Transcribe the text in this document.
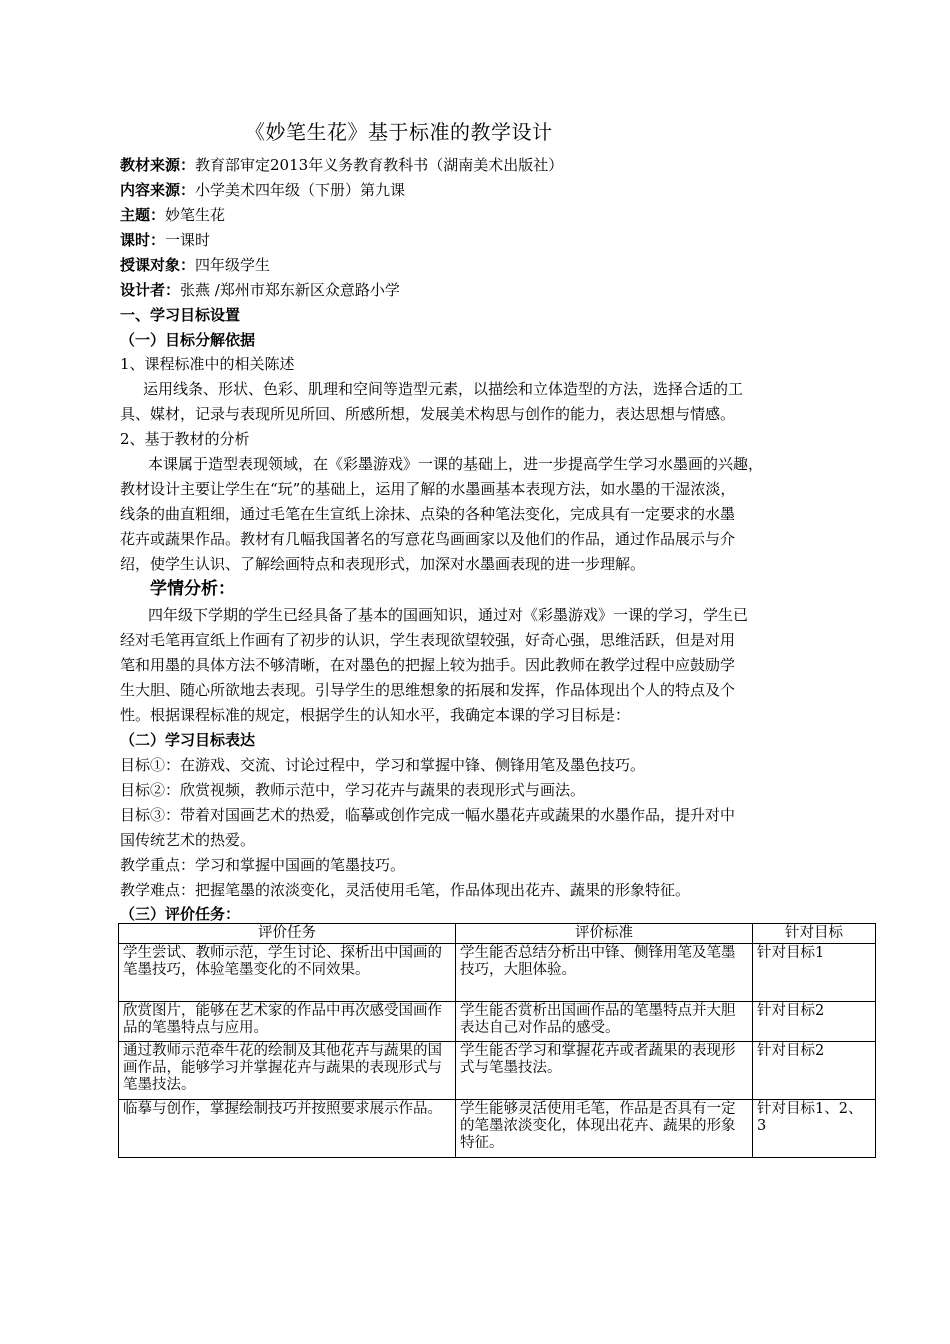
《妙笔生花》基于标准的教学设计
教材来源：教育部审定2013年义务教育教科书（湖南美术出版社）
内容来源：小学美术四年级（下册）第九课
主题：妙笔生花
课时：一课时
授课对象：四年级学生
设计者：张燕 /郑州市郑东新区众意路小学
一、学习目标设置
（一）目标分解依据
1、课程标准中的相关陈述
运用线条、形状、色彩、肌理和空间等造型元素，以描绘和立体造型的方法，选择合适的工
具、媒材，记录与表现所见所回、所感所想，发展美术构思与创作的能力，表达思想与情感。
2、基于教材的分析
本课属于造型表现领域，在《彩墨游戏》一课的基础上，进一步提高学生学习水墨画的兴趣，
教材设计主要让学生在“玩”的基础上，运用了解的水墨画基本表现方法，如水墨的干湿浓淡，
线条的曲直粗细，通过毛笔在生宣纸上涂抹、点染的各种笔法变化，完成具有一定要求的水墨
花卉或蔬果作品。教材有几幅我国著名的写意花鸟画画家以及他们的作品，通过作品展示与介
绍，使学生认识、了解绘画特点和表现形式，加深对水墨画表现的进一步理解。
学情分析：
四年级下学期的学生已经具备了基本的国画知识，通过对《彩墨游戏》一课的学习，学生已
经对毛笔再宣纸上作画有了初步的认识，学生表现欲望较强，好奇心强，思维活跃，但是对用
笔和用墨的具体方法不够清晰，在对墨色的把握上较为拙手。因此教师在教学过程中应鼓励学
生大胆、随心所欲地去表现。引导学生的思维想象的拓展和发挥，作品体现出个人的特点及个
性。根据课程标准的规定，根据学生的认知水平，我确定本课的学习目标是：
（二）学习目标表达
目标①：在游戏、交流、讨论过程中，学习和掌握中锋、侧锋用笔及墨色技巧。
目标②：欣赏视频，教师示范中，学习花卉与蔬果的表现形式与画法。
目标③：带着对国画艺术的热爱，临摹或创作完成一幅水墨花卉或蔬果的水墨作品，提升对中
国传统艺术的热爱。
教学重点：学习和掌握中国画的笔墨技巧。
教学难点：把握笔墨的浓淡变化，灵活使用毛笔，作品体现出花卉、蔬果的形象特征。
（三）评价任务：
评价任务	评价标准	针对目标
学生尝试、教师示范，学生讨论、探析出中国画的笔墨技巧，体验笔墨变化的不同效果。	学生能否总结分析出中锋、侧锋用笔及笔墨技巧，大胆体验。	针对目标1
欣赏图片，能够在艺术家的作品中再次感受国画作品的笔墨特点与应用。	学生能否赏析出国画作品的笔墨特点并大胆表达自己对作品的感受。	针对目标2
通过教师示范牵牛花的绘制及其他花卉与蔬果的国画作品，能够学习并掌握花卉与蔬果的表现形式与笔墨技法。	学生能否学习和掌握花卉或者蔬果的表现形式与笔墨技法。	针对目标2
临摹与创作，掌握绘制技巧并按照要求展示作品。	学生能够灵活使用毛笔，作品是否具有一定的笔墨浓淡变化，体现出花卉、蔬果的形象特征。	针对目标1、2、3
